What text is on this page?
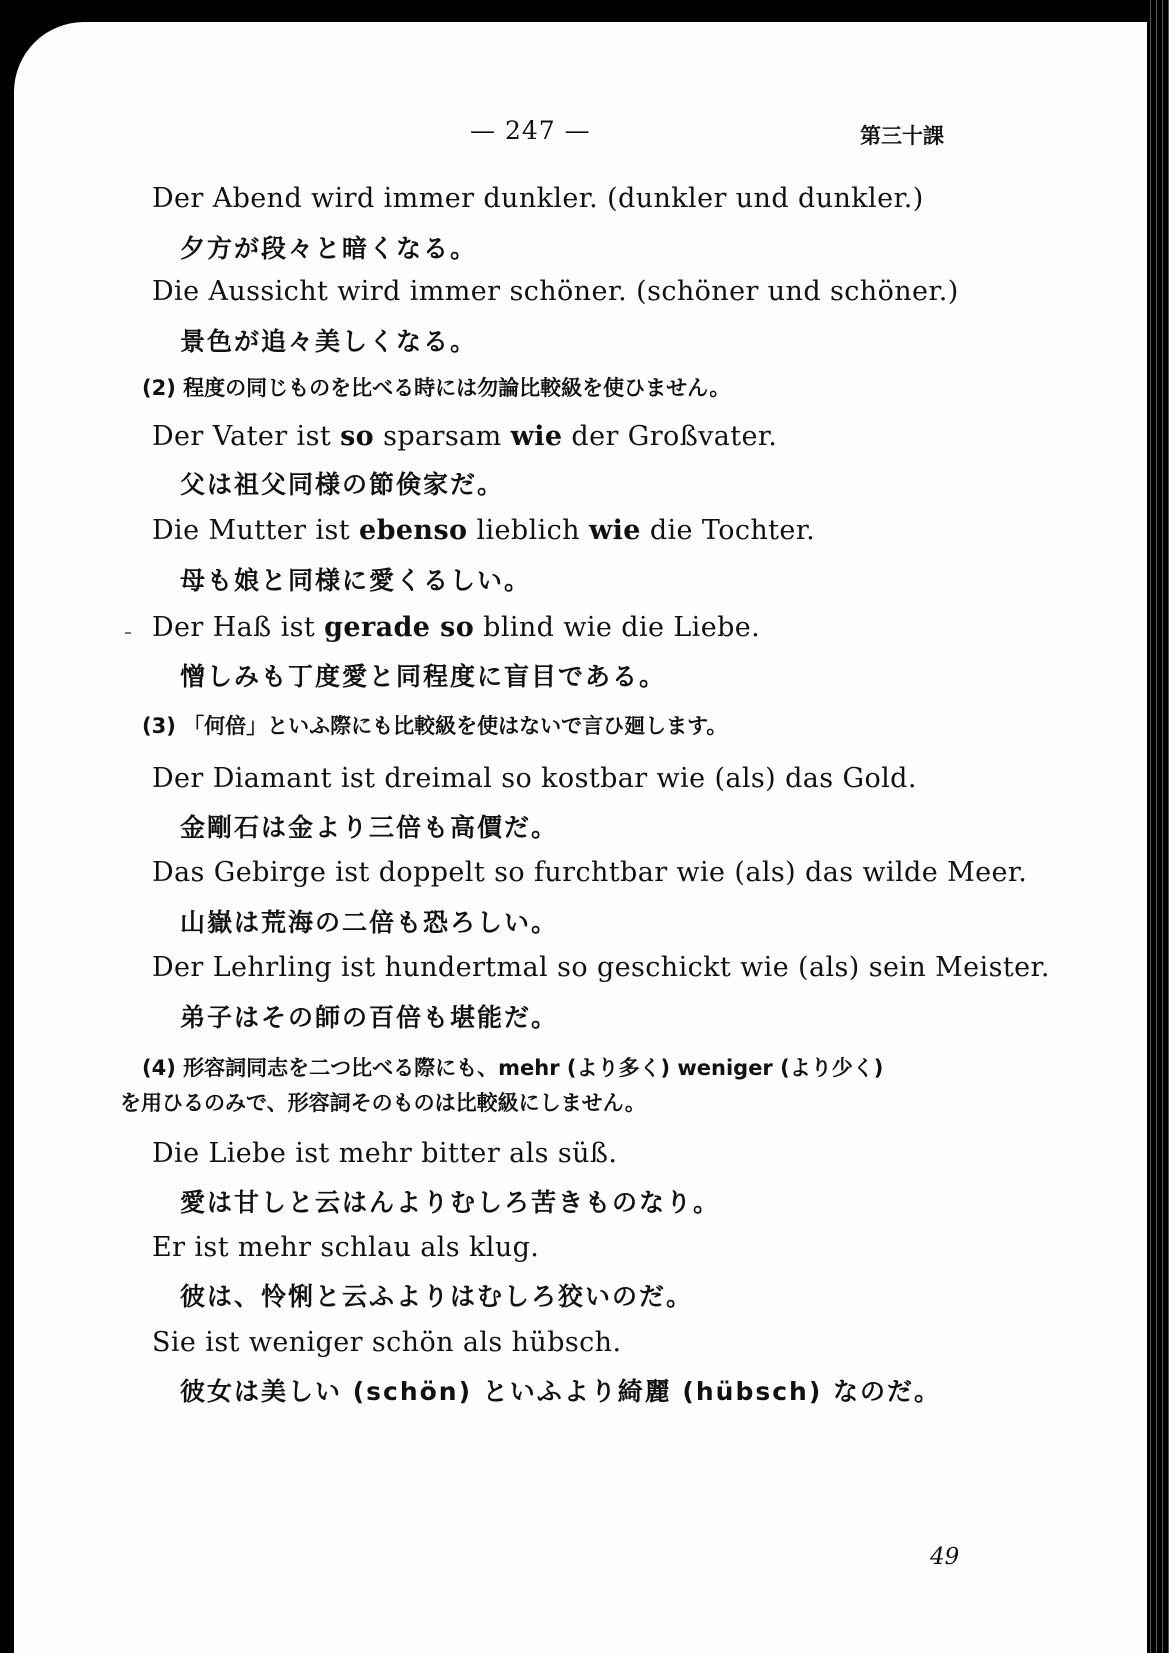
— 247 —	第三十課
Der Abend wird immer dunkler. (dunkler und dunkler.)
夕方が段々と暗くなる。
Die Aussicht wird immer schöner. (schöner und schöner.)
景色が追々美しくなる。
(2) 程度の同じものを比べる時には勿論比較級を使ひません。
Der Vater ist so sparsam wie der Großvater.
父は祖父同様の節倹家だ。
Die Mutter ist ebenso lieblich wie die Tochter.
母も娘と同様に愛くるしい。
Der Haß ist gerade so blind wie die Liebe.
憎しみも丁度愛と同程度に盲目である。
(3) 「何倍」といふ際にも比較級を使はないで言ひ廻します。
Der Diamant ist dreimal so kostbar wie (als) das Gold.
金剛石は金より三倍も高價だ。
Das Gebirge ist doppelt so furchtbar wie (als) das wilde Meer.
山嶽は荒海の二倍も恐ろしい。
Der Lehrling ist hundertmal so geschickt wie (als) sein Meister.
弟子はその師の百倍も堪能だ。
(4) 形容詞同志を二つ比べる際にも、mehr (より多く) weniger (より少く)
を用ひるのみで、形容詞そのものは比較級にしません。
Die Liebe ist mehr bitter als süß.
愛は甘しと云はんよりむしろ苦きものなり。
Er ist mehr schlau als klug.
彼は、怜悧と云ふよりはむしろ狡いのだ。
Sie ist weniger schön als hübsch.
彼女は美しい (schön) といふより綺麗 (hübsch) なのだ。
49
